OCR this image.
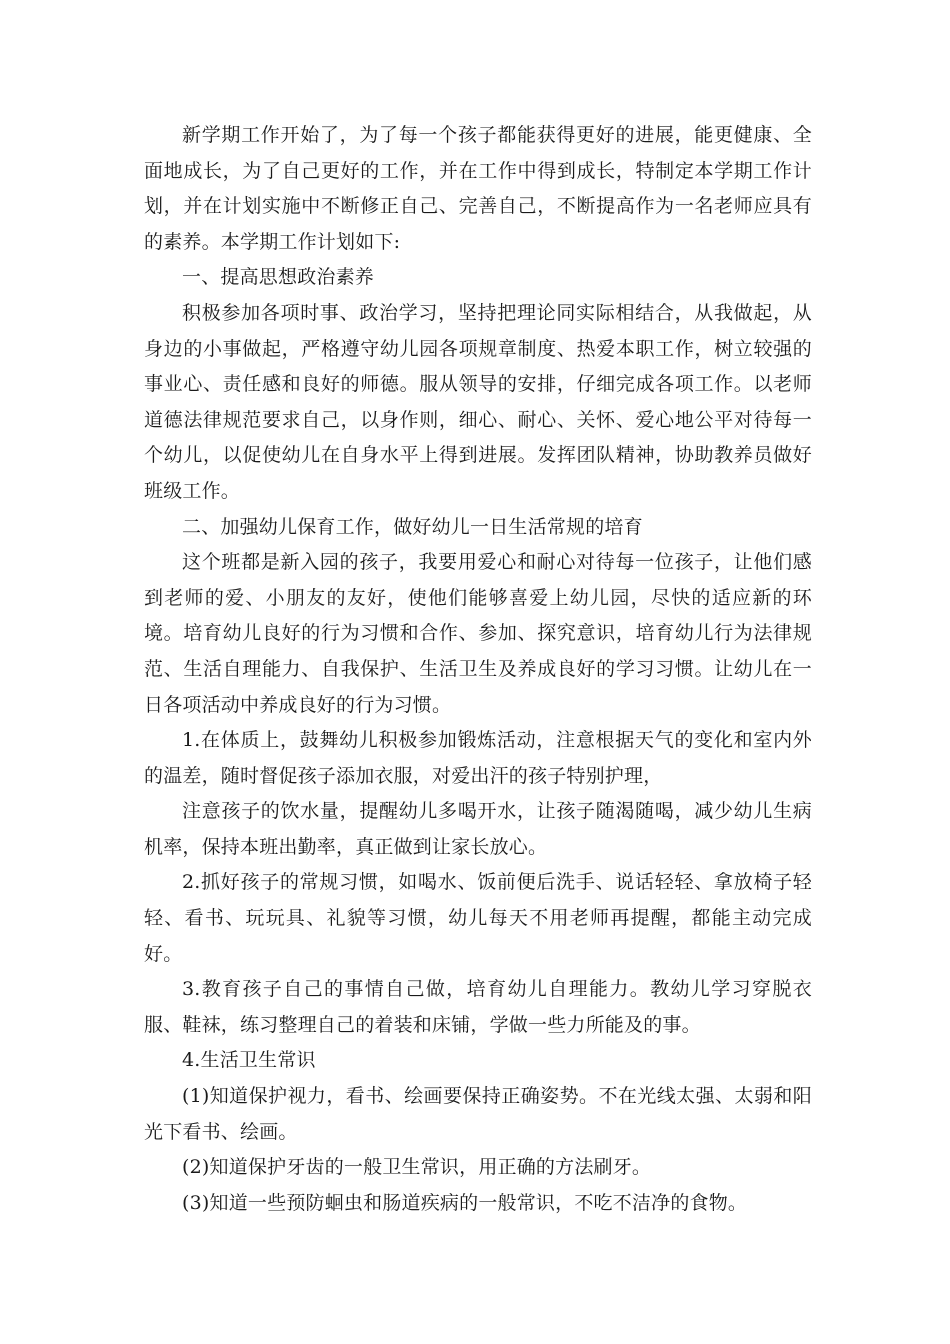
新学期工作开始了，为了每一个孩子都能获得更好的进展，能更健康、全面地成长，为了自己更好的工作，并在工作中得到成长，特制定本学期工作计划，并在计划实施中不断修正自己、完善自己，不断提高作为一名老师应具有的素养。本学期工作计划如下:

一、提高思想政治素养

积极参加各项时事、政治学习，坚持把理论同实际相结合，从我做起，从身边的小事做起，严格遵守幼儿园各项规章制度、热爱本职工作，树立较强的事业心、责任感和良好的师德。服从领导的安排，仔细完成各项工作。以老师道德法律规范要求自己，以身作则，细心、耐心、关怀、爱心地公平对待每一个幼儿，以促使幼儿在自身水平上得到进展。发挥团队精神，协助教养员做好班级工作。

二、加强幼儿保育工作，做好幼儿一日生活常规的培育

这个班都是新入园的孩子，我要用爱心和耐心对待每一位孩子，让他们感到老师的爱、小朋友的友好，使他们能够喜爱上幼儿园，尽快的适应新的环境。培育幼儿良好的行为习惯和合作、参加、探究意识，培育幼儿行为法律规范、生活自理能力、自我保护、生活卫生及养成良好的学习习惯。让幼儿在一日各项活动中养成良好的行为习惯。

1.在体质上，鼓舞幼儿积极参加锻炼活动，注意根据天气的变化和室内外的温差，随时督促孩子添加衣服，对爱出汗的孩子特别护理，

注意孩子的饮水量，提醒幼儿多喝开水，让孩子随渴随喝，减少幼儿生病机率，保持本班出勤率，真正做到让家长放心。

2.抓好孩子的常规习惯，如喝水、饭前便后洗手、说话轻轻、拿放椅子轻轻、看书、玩玩具、礼貌等习惯，幼儿每天不用老师再提醒，都能主动完成好。

3.教育孩子自己的事情自己做，培育幼儿自理能力。教幼儿学习穿脱衣服、鞋袜，练习整理自己的着装和床铺，学做一些力所能及的事。

4.生活卫生常识

(1)知道保护视力，看书、绘画要保持正确姿势。不在光线太强、太弱和阳光下看书、绘画。

(2)知道保护牙齿的一般卫生常识，用正确的方法刷牙。

(3)知道一些预防蛔虫和肠道疾病的一般常识，不吃不洁净的食物。
